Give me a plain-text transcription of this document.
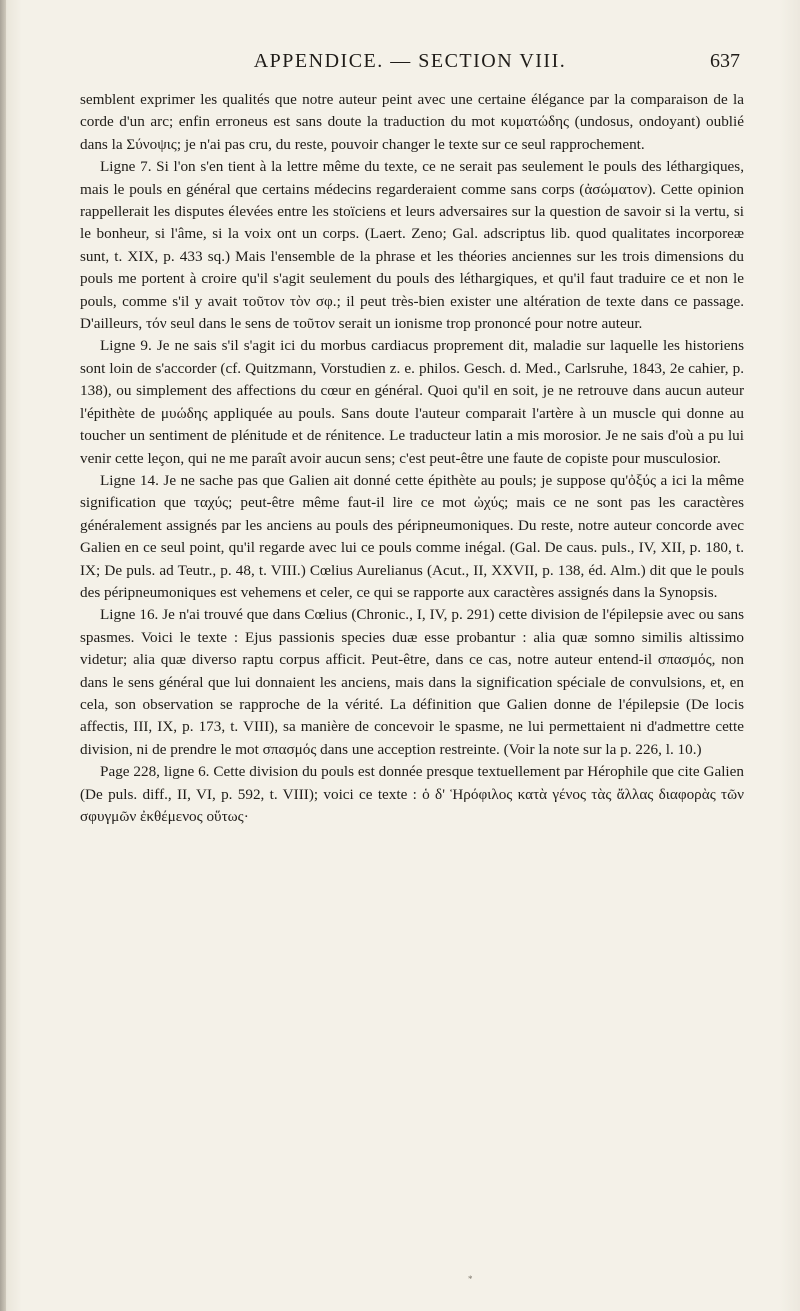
APPENDICE. — SECTION VIII.	637

semblent exprimer les qualités que notre auteur peint avec une certaine élégance par la comparaison de la corde d'un arc; enfin erroneus est sans doute la traduction du mot κυματώδης (undosus, ondoyant) oublié dans la Σύνοψις; je n'ai pas cru, du reste, pouvoir changer le texte sur ce seul rapprochement.

Ligne 7. Si l'on s'en tient à la lettre même du texte, ce ne serait pas seulement le pouls des léthargiques, mais le pouls en général que certains médecins regarderaient comme sans corps (ἀσώματον). Cette opinion rappellerait les disputes élevées entre les stoïciens et leurs adversaires sur la question de savoir si la vertu, si le bonheur, si l'âme, si la voix ont un corps. (Laert. Zeno; Gal. adscriptus lib. quod qualitates incorporeæ sunt, t. XIX, p. 433 sq.) Mais l'ensemble de la phrase et les théories anciennes sur les trois dimensions du pouls me portent à croire qu'il s'agit seulement du pouls des léthargiques, et qu'il faut traduire ce et non le pouls, comme s'il y avait τοῦτον τὸν σφ.; il peut très-bien exister une altération de texte dans ce passage. D'ailleurs, τόν seul dans le sens de τοῦτον serait un ionisme trop prononcé pour notre auteur.

Ligne 9. Je ne sais s'il s'agit ici du morbus cardiacus proprement dit, maladie sur laquelle les historiens sont loin de s'accorder (cf. Quitzmann, Vorstudien z. e. philos. Gesch. d. Med., Carlsruhe, 1843, 2e cahier, p. 138), ou simplement des affections du cœur en général. Quoi qu'il en soit, je ne retrouve dans aucun auteur l'épithète de μυώδης appliquée au pouls. Sans doute l'auteur comparait l'artère à un muscle qui donne au toucher un sentiment de plénitude et de rénitence. Le traducteur latin a mis morosior. Je ne sais d'où a pu lui venir cette leçon, qui ne me paraît avoir aucun sens; c'est peut-être une faute de copiste pour musculosior.

Ligne 14. Je ne sache pas que Galien ait donné cette épithète au pouls; je suppose qu'ὀξύς a ici la même signification que ταχύς; peut-être même faut-il lire ce mot ὠχύς; mais ce ne sont pas les caractères généralement assignés par les anciens au pouls des péripneumoniques. Du reste, notre auteur concorde avec Galien en ce seul point, qu'il regarde avec lui ce pouls comme inégal. (Gal. De caus. puls., IV, XII, p. 180, t. IX; De puls. ad Teutr., p. 48, t. VIII.) Cœlius Aurelianus (Acut., II, XXVII, p. 138, éd. Alm.) dit que le pouls des péripneumoniques est vehemens et celer, ce qui se rapporte aux caractères assignés dans la Synopsis.

Ligne 16. Je n'ai trouvé que dans Cœlius (Chronic., I, IV, p. 291) cette division de l'épilepsie avec ou sans spasmes. Voici le texte : Ejus passionis species duæ esse probantur : alia quæ somno similis altissimo videtur; alia quæ diverso raptu corpus afficit. Peut-être, dans ce cas, notre auteur entend-il σπασμός, non dans le sens général que lui donnaient les anciens, mais dans la signification spéciale de convulsions, et, en cela, son observation se rapproche de la vérité. La définition que Galien donne de l'épilepsie (De locis affectis, III, IX, p. 173, t. VIII), sa manière de concevoir le spasme, ne lui permettaient ni d'admettre cette division, ni de prendre le mot σπασμός dans une acception restreinte. (Voir la note sur la p. 226, l. 10.)

Page 228, ligne 6. Cette division du pouls est donnée presque textuellement par Hérophile que cite Galien (De puls. diff., II, VI, p. 592, t. VIII); voici ce texte : ὁ δ' Ἡρόφιλος κατὰ γένος τὰς ἄλλας διαφορὰς τῶν σφυγμῶν ἐκθέμενος οὕτως·

*
